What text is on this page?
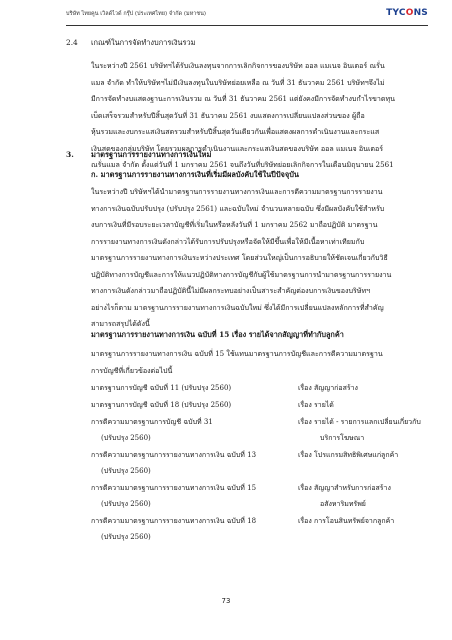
บริษัท ไทยคูน เวิลด์ไวด์ กรุ๊ป (ประเทศไทย) จำกัด (มหาชน)	TYCONS
2.4 เกณฑ์ในการจัดทำงบการเงินรวม
ในระหว่างปี 2561 บริษัทฯได้รับเงินลงทุนจากการเลิกกิจการของบริษัท ออล แมเนจ อินเตอร์ ณรั่น
แมล จำกัด ทำให้บริษัทฯไม่มีเงินลงทุนในบริษัทย่อยเหลือ ณ วันที่ 31 ธันวาคม 2561 บริษัทฯจึงไม่
มีการจัดทำงบแสดงฐานะการเงินรวม ณ วันที่ 31 ธันวาคม 2561 แต่ยังคงมีการจัดทำงบกำไรขาดทุน
เบ็ดเสร็จรวมสำหรับปีสิ้นสุดวันที่ 31 ธันวาคม 2561 งบแสดงการเปลี่ยนแปลงส่วนของ ผู้ถือ
หุ้นรวมและงบกระแสเงินสดรวมสำหรับปีสิ้นสุดวันเดียวกันเพื่อแสดงผลการดำเนินงานและกระแส
เงินสดของกลุ่มบริษัท โดยรวมผลการดำเนินงานและกระแสเงินสดของบริษัท ออล แมเนจ อินเตอร์
ณรั่นแมล จำกัด ตั้งแต่วันที่ 1 มกราคม 2561 จนถึงวันที่บริษัทย่อยเลิกกิจการในเดือนมิถุนายน 2561
3. มาตรฐานการรายงานทางการเงินใหม่
ก. มาตรฐานการรายงานทางการเงินที่เริ่มมีผลบังคับใช้ในปีปัจจุบัน
ในระหว่างปี บริษัทฯได้นำมาตรฐานการรายงานทางการเงินและการตีความมาตรฐานการรายงาน
ทางการเงินฉบับปรับปรุง (ปรับปรุง 2561) และฉบับใหม่ จำนวนหลายฉบับ ซึ่งมีผลบังคับใช้สำหรับ
งบการเงินที่มีรอบระยะเวลาบัญชีที่เริ่มในหรือหลังวันที่ 1 มกราคม 2562 มาถือปฏิบัติ มาตรฐาน
การรายงานทางการเงินดังกล่าวได้รับการปรับปรุงหรือจัดให้มีขึ้นเพื่อให้มีเนื้อหาเท่าเทียมกับ
มาตรฐานการรายงานทางการเงินระหว่างประเทศ โดยส่วนใหญ่เป็นการอธิบายให้ชัดเจนเกี่ยวกับวิธี
ปฏิบัติทางการบัญชีและการให้แนวปฏิบัติทางการบัญชีกับผู้ใช้มาตรฐานการนำมาตรฐานการรายงาน
ทางการเงินดังกล่าวมาถือปฏิบัตินี้ไม่มีผลกระทบอย่างเป็นสาระสำคัญต่องบการเงินของบริษัทฯ
อย่างไรก็ตาม มาตรฐานการรายงานทางการเงินฉบับใหม่ ซึ่งได้มีการเปลี่ยนแปลงหลักการที่สำคัญ
สามารถสรุปได้ดังนี้
มาตรฐานการรายงานทางการเงิน ฉบับที่ 15 เรื่อง รายได้จากสัญญาที่ทำกับลูกค้า
มาตรฐานการรายงานทางการเงิน ฉบับที่ 15 ใช้แทนมาตรฐานการบัญชีและการตีความมาตรฐาน
การบัญชีที่เกี่ยวข้องต่อไปนี้
มาตรฐานการบัญชี ฉบับที่ 11 (ปรับปรุง 2560)	เรื่อง สัญญาก่อสร้าง
มาตรฐานการบัญชี ฉบับที่ 18 (ปรับปรุง 2560)	เรื่อง รายได้
การตีความมาตรฐานการบัญชี ฉบับที่ 31	เรื่อง รายได้ - รายการแลกเปลี่ยนเกี่ยวกับ
(ปรับปรุง 2560)	บริการโฆษณา
การตีความมาตรฐานการรายงานทางการเงิน ฉบับที่ 13	เรื่อง โปรแกรมสิทธิพิเศษแก่ลูกค้า
(ปรับปรุง 2560)
การตีความมาตรฐานการรายงานทางการเงิน ฉบับที่ 15	เรื่อง สัญญาสำหรับการก่อสร้าง
(ปรับปรุง 2560)	อสังหาริมทรัพย์
การตีความมาตรฐานการรายงานทางการเงิน ฉบับที่ 18	เรื่อง การโอนสินทรัพย์จากลูกค้า
(ปรับปรุง 2560)
73
